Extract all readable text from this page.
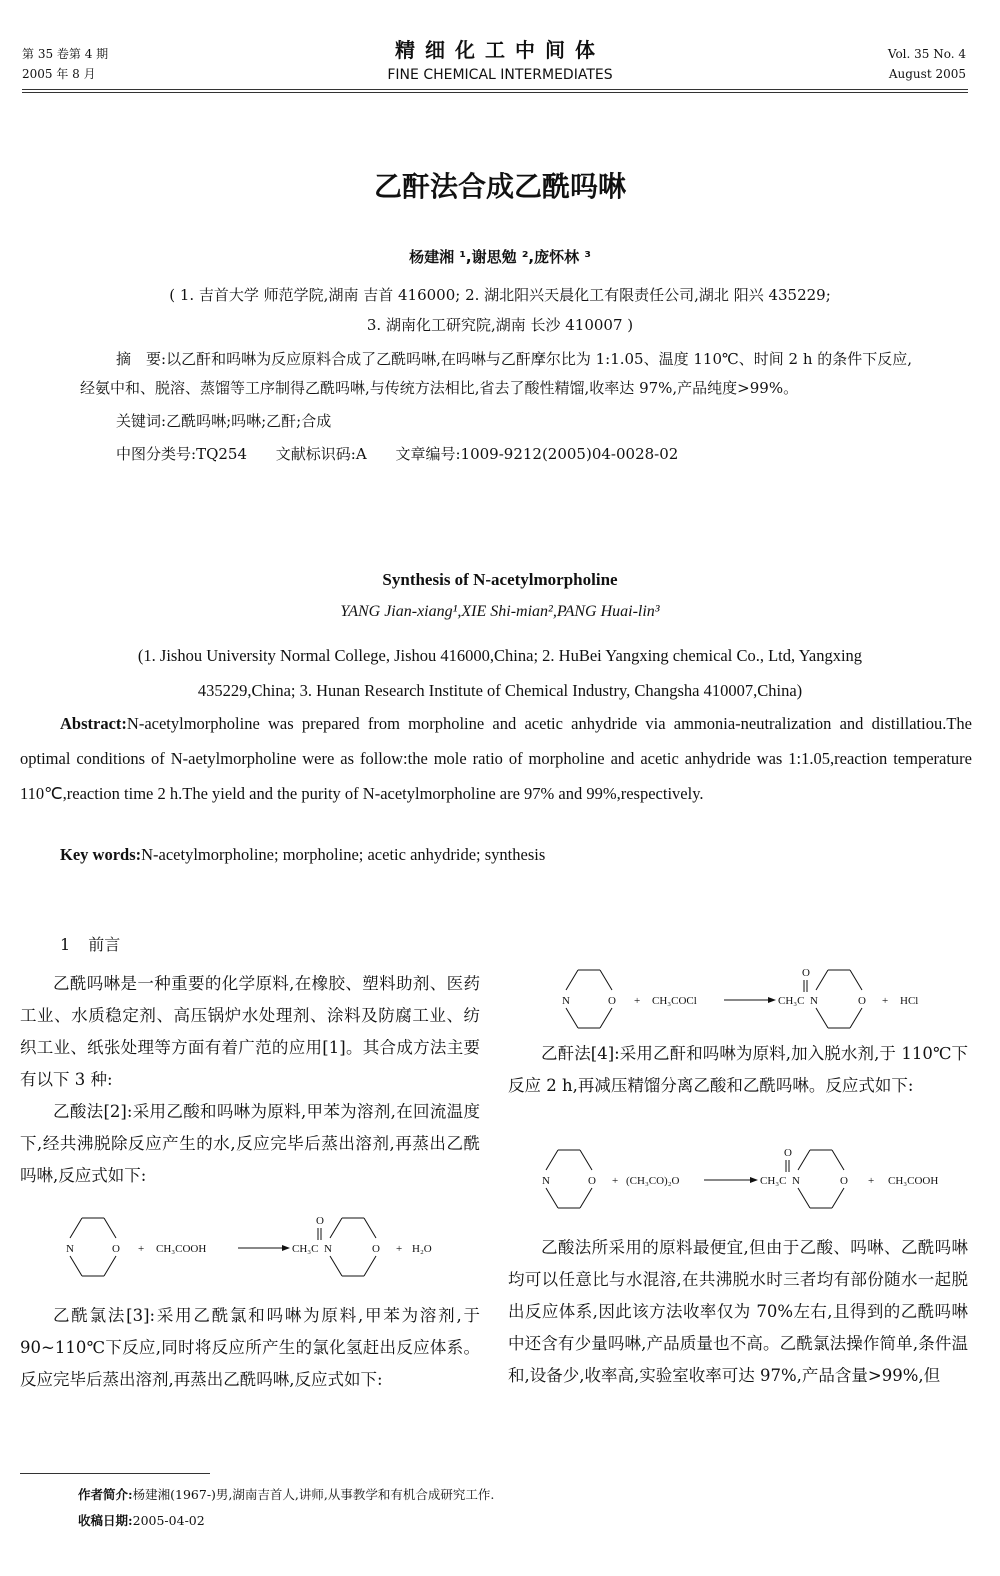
第 35 卷第 4 期
2005 年 8 月
精细化工中间体
FINE CHEMICAL INTERMEDIATES
Vol. 35 No. 4
August 2005
乙酐法合成乙酰吗啉
杨建湘 ¹,谢思勉 ²,庞怀林 ³
( 1. 吉首大学 师范学院,湖南 吉首 416000; 2. 湖北阳兴天晨化工有限责任公司,湖北 阳兴 435229;
3. 湖南化工研究院,湖南 长沙 410007 )

摘　要:以乙酐和吗啉为反应原料合成了乙酰吗啉,在吗啉与乙酐摩尔比为 1:1.05、温度 110℃、时间 2 h 的条件下反应,经氨中和、脱溶、蒸馏等工序制得乙酰吗啉,与传统方法相比,省去了酸性精馏,收率达 97%,产品纯度>99%。

关键词:乙酰吗啉;吗啉;乙酐;合成

中图分类号:TQ254 文献标识码:A 文章编号:1009-9212(2005)04-0028-02

Synthesis of N-acetylmorpholine
YANG Jian-xiang¹,XIE Shi-mian²,PANG Huai-lin³
(1. Jishou University Normal College, Jishou 416000,China; 2. HuBei Yangxing chemical Co., Ltd, Yangxing
435229,China; 3. Hunan Research Institute of Chemical Industry, Changsha 410007,China)

Abstract:N-acetylmorpholine was prepared from morpholine and acetic anhydride via ammonia-neutralization and distillatiou.The optimal conditions of N-aetylmorpholine were as follow:the mole ratio of morpholine and acetic anhydride was 1:1.05,reaction temperature 110℃,reaction time 2 h.The yield and the purity of N-acetylmorpholine are 97% and 99%,respectively.

Key words:N-acetylmorpholine; morpholine; acetic anhydride; synthesis
1 前言

乙酰吗啉是一种重要的化学原料,在橡胶、塑料助剂、医药工业、水质稳定剂、高压锅炉水处理剂、涂料及防腐工业、纺织工业、纸张处理等方面有着广范的应用[1]。其合成方法主要有以下 3 种:

乙酸法[2]:采用乙酸和吗啉为原料,甲苯为溶剂,在回流温度下,经共沸脱除反应产生的水,反应完毕后蒸出溶剂,再蒸出乙酰吗啉,反应式如下:

N	O + CH₃COOH	CH₃C
O
N	O + H₂O

乙酰氯法[3]:采用乙酰氯和吗啉为原料,甲苯为溶剂,于 90~110℃下反应,同时将反应所产生的氯化氢赶出反应体系。反应完毕后蒸出溶剂,再蒸出乙酰吗啉,反应式如下:

N	O + CH₃COCl	CH₃C
O
N	O + HCl

乙酐法[4]:采用乙酐和吗啉为原料,加入脱水剂,于 110℃下反应 2 h,再减压精馏分离乙酸和乙酰吗啉。反应式如下:

N	O + (CH₃CO)₂O	CH₃C
O
N	O + CH₃COOH

乙酸法所采用的原料最便宜,但由于乙酸、吗啉、乙酰吗啉均可以任意比与水混溶,在共沸脱水时三者均有部份随水一起脱出反应体系,因此该方法收率仅为 70%左右,且得到的乙酰吗啉中还含有少量吗啉,产品质量也不高。乙酰氯法操作简单,条件温和,设备少,收率高,实验室收率可达 97%,产品含量>99%,但

作者简介:杨建湘(1967-)男,湖南吉首人,讲师,从事教学和有机合成研究工作.
收稿日期:2005-04-02
